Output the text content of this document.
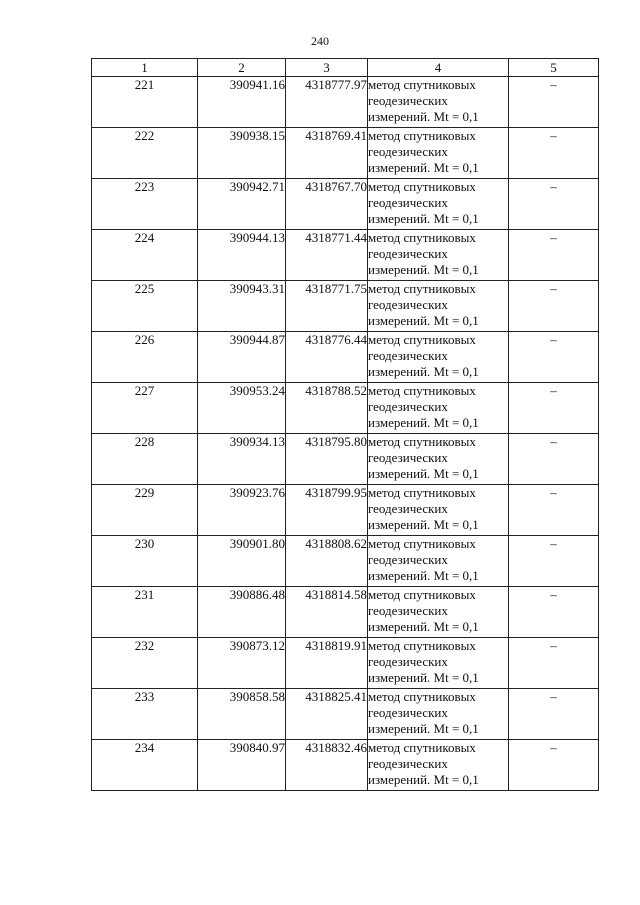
240
1	2	3	4	5
221	390941.16	4318777.97	метод спутниковых
геодезических
измерений. Mt = 0,1	–
222	390938.15	4318769.41	метод спутниковых
геодезических
измерений. Mt = 0,1	–
223	390942.71	4318767.70	метод спутниковых
геодезических
измерений. Mt = 0,1	–
224	390944.13	4318771.44	метод спутниковых
геодезических
измерений. Mt = 0,1	–
225	390943.31	4318771.75	метод спутниковых
геодезических
измерений. Mt = 0,1	–
226	390944.87	4318776.44	метод спутниковых
геодезических
измерений. Mt = 0,1	–
227	390953.24	4318788.52	метод спутниковых
геодезических
измерений. Mt = 0,1	–
228	390934.13	4318795.80	метод спутниковых
геодезических
измерений. Mt = 0,1	–
229	390923.76	4318799.95	метод спутниковых
геодезических
измерений. Mt = 0,1	–
230	390901.80	4318808.62	метод спутниковых
геодезических
измерений. Mt = 0,1	–
231	390886.48	4318814.58	метод спутниковых
геодезических
измерений. Mt = 0,1	–
232	390873.12	4318819.91	метод спутниковых
геодезических
измерений. Mt = 0,1	–
233	390858.58	4318825.41	метод спутниковых
геодезических
измерений. Mt = 0,1	–
234	390840.97	4318832.46	метод спутниковых
геодезических
измерений. Mt = 0,1	–
